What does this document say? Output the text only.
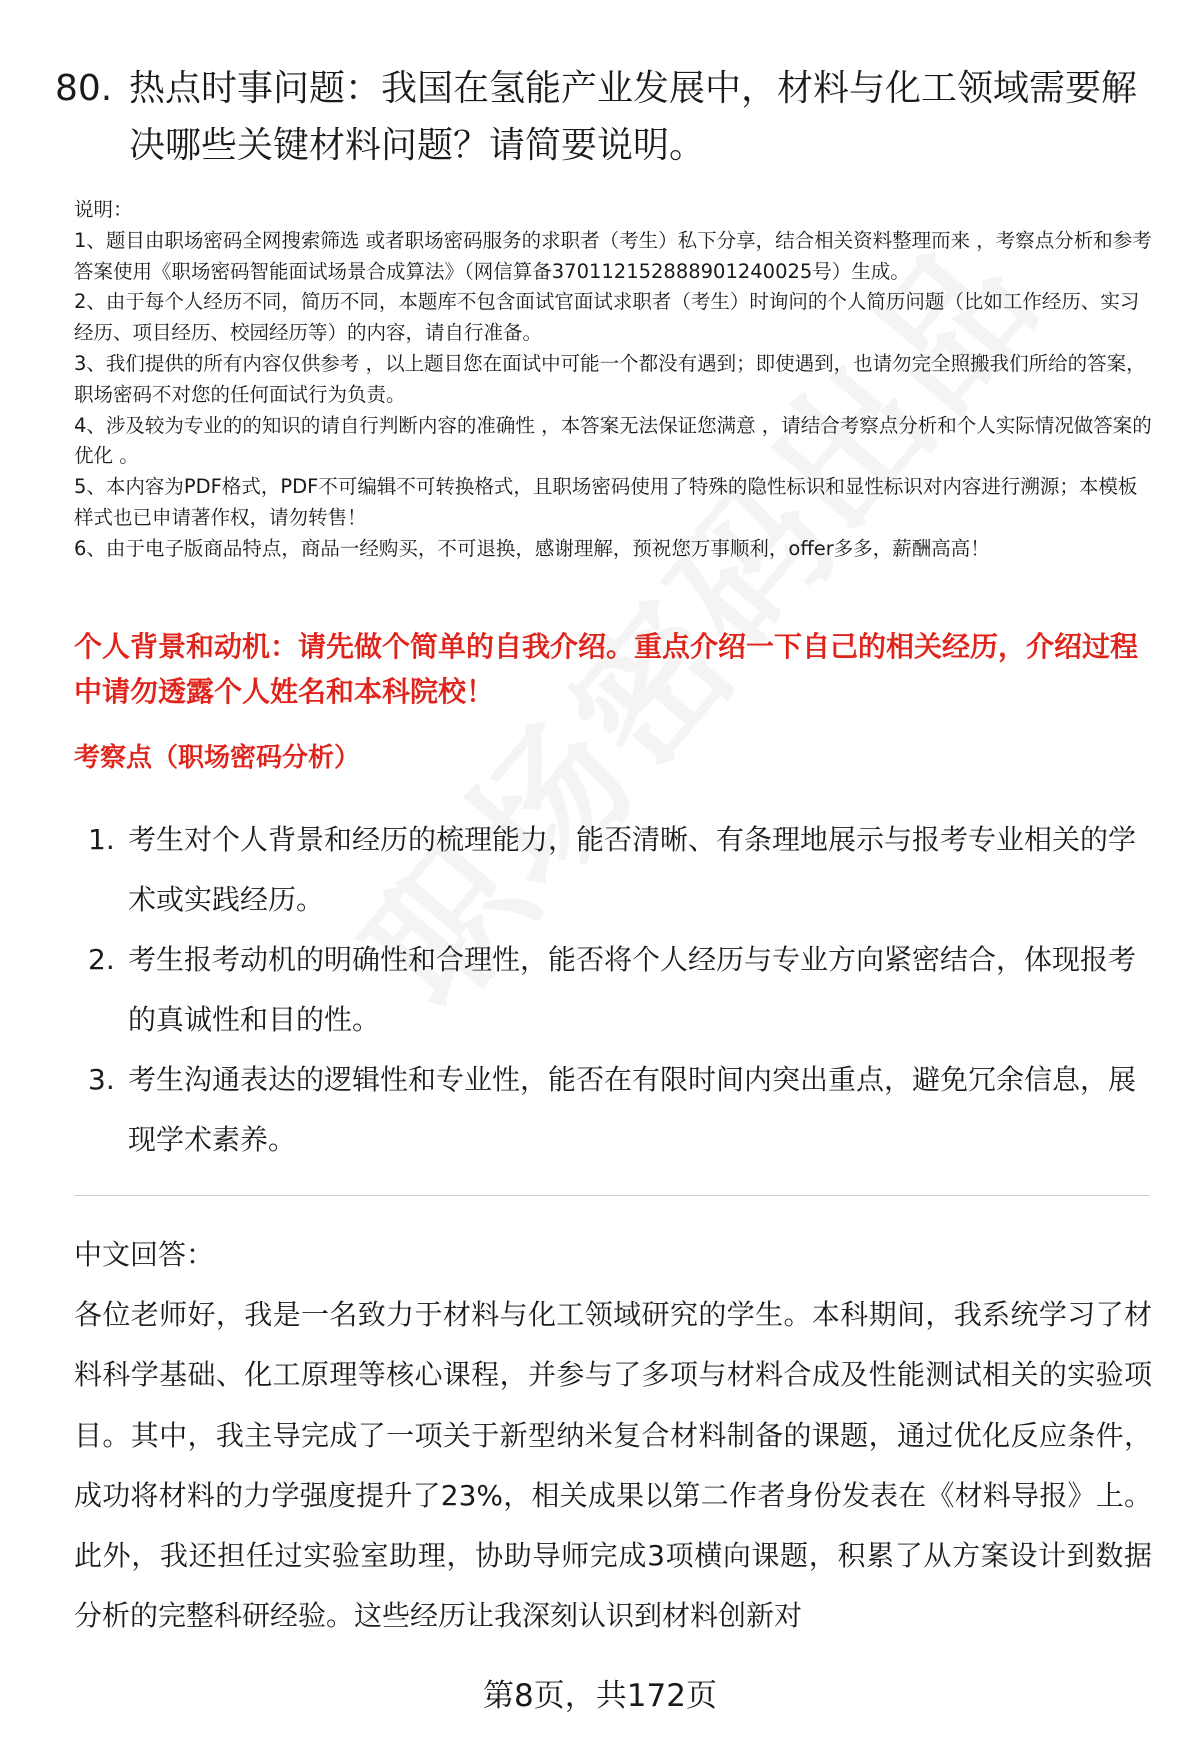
80. 热点时事问题：我国在氢能产业发展中，材料与化工领域需要解决哪些关键材料问题？请简要说明。

说明：

1、题目由职场密码全网搜索筛选 或者职场密码服务的求职者（考生）私下分享，结合相关资料整理而来 ，考察点分析和参考答案使用《职场密码智能面试场景合成算法》（网信算备370112152888901240025号）生成。

2、由于每个人经历不同，简历不同，本题库不包含面试官面试求职者（考生）时询问的个人简历问题（比如工作经历、实习经历、项目经历、校园经历等）的内容，请自行准备。

3、我们提供的所有内容仅供参考 ，以上题目您在面试中可能一个都没有遇到；即使遇到，也请勿完全照搬我们所给的答案，职场密码不对您的任何面试行为负责。

4、涉及较为专业的的知识的请自行判断内容的准确性 ，本答案无法保证您满意 ，请结合考察点分析和个人实际情况做答案的优化 。

5、本内容为PDF格式，PDF不可编辑不可转换格式，且职场密码使用了特殊的隐性标识和显性标识对内容进行溯源；本模板样式也已申请著作权，请勿转售！

6、由于电子版商品特点，商品一经购买，不可退换，感谢理解，预祝您万事顺利，offer多多，薪酬高高！

个人背景和动机：请先做个简单的自我介绍。重点介绍一下自己的相关经历，介绍过程中请勿透露个人姓名和本科院校！
考察点（职场密码分析）
1. 考生对个人背景和经历的梳理能力，能否清晰、有条理地展示与报考专业相关的学术或实践经历。
2. 考生报考动机的明确性和合理性，能否将个人经历与专业方向紧密结合，体现报考的真诚性和目的性。
3. 考生沟通表达的逻辑性和专业性，能否在有限时间内突出重点，避免冗余信息，展现学术素养。
中文回答：
各位老师好，我是一名致力于材料与化工领域研究的学生。本科期间，我系统学习了材料科学基础、化工原理等核心课程，并参与了多项与材料合成及性能测试相关的实验项目。其中，我主导完成了一项关于新型纳米复合材料制备的课题，通过优化反应条件，成功将材料的力学强度提升了23%，相关成果以第二作者身份发表在《材料导报》上。此外，我还担任过实验室助理，协助导师完成3项横向课题，积累了从方案设计到数据分析的完整科研经验。这些经历让我深刻认识到材料创新对
第8页，共172页
